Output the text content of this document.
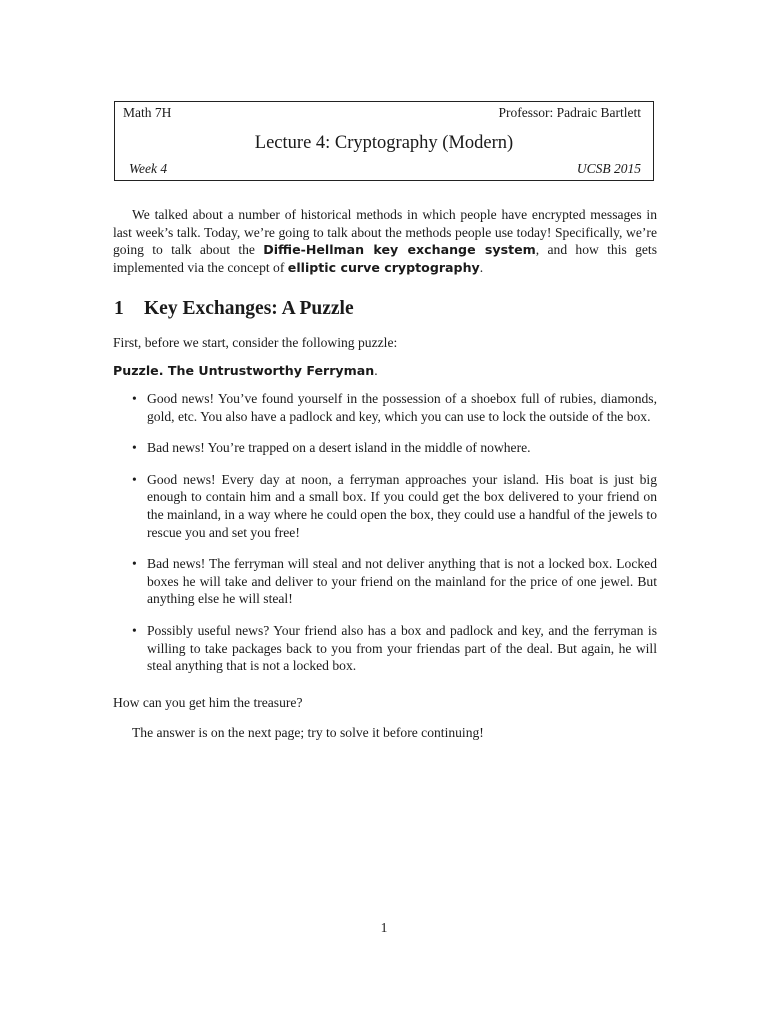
Math 7H	Professor: Padraic Bartlett
Lecture 4: Cryptography (Modern)
Week 4	UCSB 2015

We talked about a number of historical methods in which people have encrypted messages in last week’s talk. Today, we’re going to talk about the methods people use today! Specifically, we’re going to talk about the Diffie-Hellman key exchange system, and how this gets implemented via the concept of elliptic curve cryptography.

1 Key Exchanges: A Puzzle

First, before we start, consider the following puzzle:

Puzzle. The Untrustworthy Ferryman.

• Good news! You’ve found yourself in the possession of a shoebox full of rubies, diamonds, gold, etc. You also have a padlock and key, which you can use to lock the outside of the box.
• Bad news! You’re trapped on a desert island in the middle of nowhere.
• Good news! Every day at noon, a ferryman approaches your island. His boat is just big enough to contain him and a small box. If you could get the box delivered to your friend on the mainland, in a way where he could open the box, they could use a handful of the jewels to rescue you and set you free!
• Bad news! The ferryman will steal and not deliver anything that is not a locked box. Locked boxes he will take and deliver to your friend on the mainland for the price of one jewel. But anything else he will steal!
• Possibly useful news? Your friend also has a box and padlock and key, and the ferryman is willing to take packages back to you from your friendas part of the deal. But again, he will steal anything that is not a locked box.

How can you get him the treasure?

The answer is on the next page; try to solve it before continuing!

1
